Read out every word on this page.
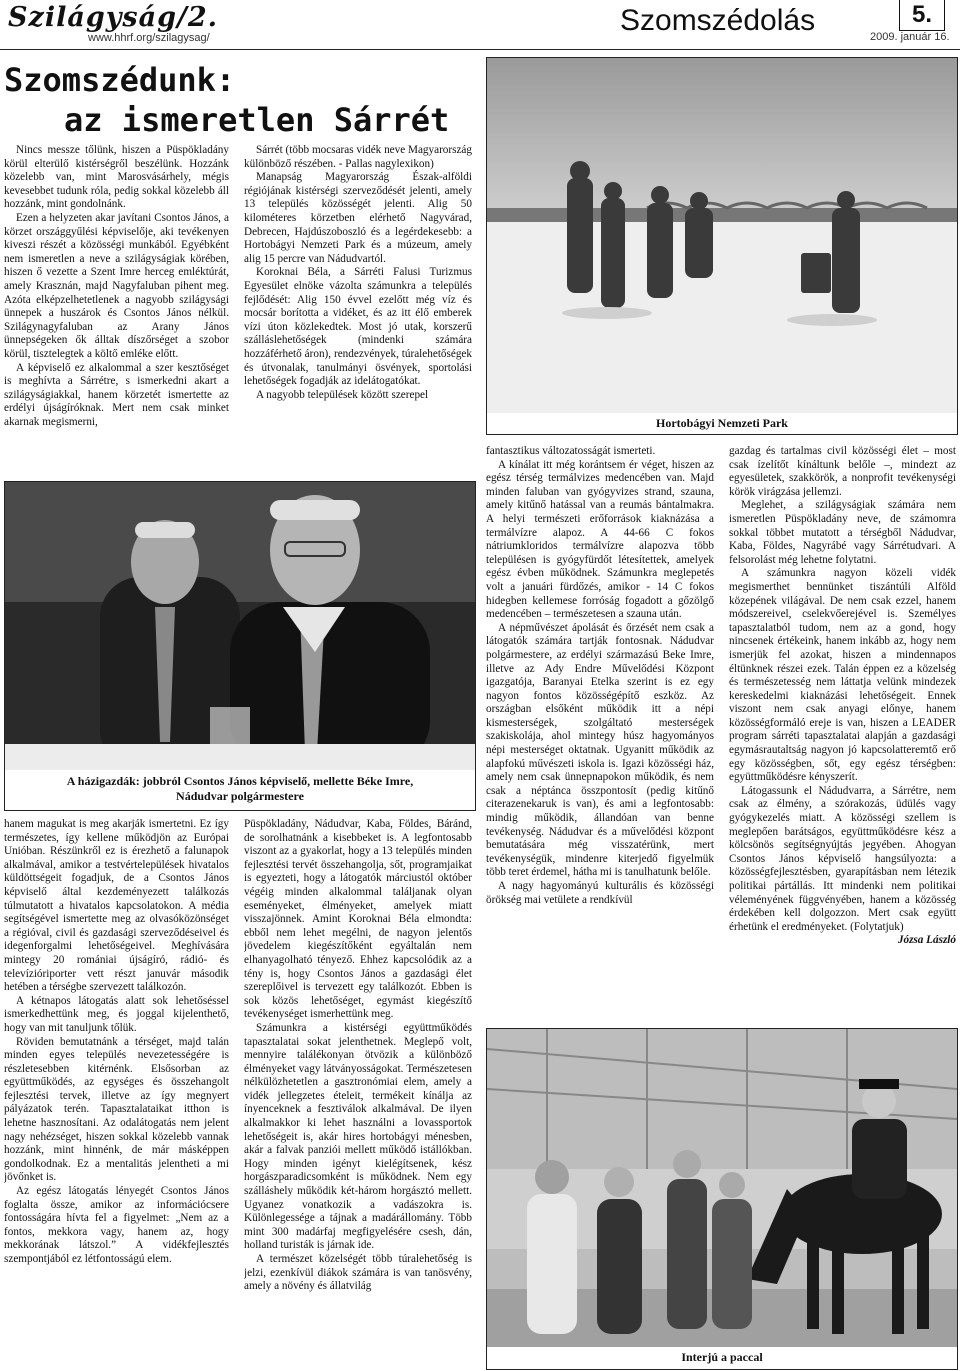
Szilágyság/2.
www.hhrf.org/szilagysag/
Szomszédolás	5.
2009. január 16.
Szomszédunk:
az ismeretlen Sárrét

Nincs messze tőlünk, hiszen a Püspökladány körül elterülő kistérségről beszélünk. Hozzánk közelebb van, mint Marosvásárhely, mégis kevesebbet tudunk róla, pedig sokkal közelebb áll hozzánk, mint gondolnánk.

Ezen a helyzeten akar javítani Csontos János, a körzet országgyűlési képviselője, aki tevékenyen kiveszi részét a közösségi munkából. Egyébként nem ismeretlen a neve a szilágyságiak körében, hiszen ő vezette a Szent Imre herceg emléktúrát, amely Krasznán, majd Nagyfaluban pihent meg. Azóta elképzelhetetlenek a nagyobb szilágysági ünnepek a huszárok és Csontos János nélkül. Szilágynagyfaluban az Arany János ünnepségeken ők álltak díszőrséget a szobor körül, tisztelegtek a költő emléke előtt.

A képviselő ez alkalommal a szer kesztőséget is meghívta a Sárrétre, s ismerkedni akart a szilágyságiakkal, hanem körzetét ismertette az erdélyi újságíróknak. Mert nem csak minket akarnak megismerni,

Sárrét (több mocsaras vidék neve Magyarország különböző részében. - Pallas nagylexikon)

Manapság Magyarország Észak-alföldi régiójának kistérségi szerveződését jelenti, amely 13 település közösségét jelenti. Alig 50 kilométeres körzetben elérhető Nagyvárad, Debrecen, Hajdúszoboszló és a legérdekesebb: a Hortobágyi Nemzeti Park és a múzeum, amely alig 15 percre van Nádudvartól.

Koroknai Béla, a Sárréti Falusi Turizmus Egyesület elnöke vázolta számunkra a település fejlődését: Alig 150 évvel ezelőtt még víz és mocsár borította a vidéket, és az itt élő emberek vízi úton közlekedtek. Most jó utak, korszerű szálláslehetőségek (mindenki számára hozzáférhető áron), rendezvények, túralehetőségek és útvonalak, tanulmányi ösvények, sportolási lehetőségek fogadják az idelátogatókat.

A nagyobb települések között szerepel

Hortobágyi Nemzeti Park
A házigazdák: jobbról Csontos János képviselő, mellette Béke Imre,
Nádudvar polgármestere

fantasztikus változatosságát ismerteti.

A kínálat itt még korántsem ér véget, hiszen az egész térség termálvizes medencében van. Majd minden faluban van gyógyvizes strand, szauna, amely kitűnő hatással van a reumás bántalmakra. A helyi természeti erőforrások kiaknázása a termálvízre alapoz. A 44-66 C fokos nátriumkloridos termálvízre alapozva több településen is gyógyfürdőt létesítettek, amelyek egész évben működnek. Számunkra meglepetés volt a januári fürdőzés, amikor - 14 C fokos hidegben kellemese forróság fogadott a gőzölgő medencében – természetesen a szauna után.

A népművészet ápolását és őrzését nem csak a látogatók számára tartják fontosnak. Nádudvar polgármestere, az erdélyi származású Beke Imre, illetve az Ady Endre Művelődési Központ igazgatója, Baranyai Etelka szerint is ez egy nagyon fontos közösségépítő eszköz. Az országban elsőként működik itt a népi kismesterségek, szolgáltató mesterségek szakiskolája, ahol mintegy húsz hagyományos népi mesterséget oktatnak. Ugyanitt működik az alapfokú művészeti iskola is. Igazi közösségi ház, amely nem csak ünnepnapokon működik, és nem csak a néptánca összpontosít (pedig kitűnő citerazenekaruk is van), és ami a legfontosabb: mindig működik, állandóan van benne tevékenység. Nádudvar és a művelődési központ bemutatására még visszatérünk, mert tevékenységük, mindenre kiterjedő figyelmük több teret érdemel, hátha mi is tanulhatunk belőle.

A nagy hagyományú kulturális és közösségi örökség mai vetülete a rendkívül

gazdag és tartalmas civil közösségi élet – most csak ízelítőt kínáltunk belőle –, mindezt az egyesületek, szakkörök, a nonprofit tevékenységi körök virágzása jellemzi.

Meglehet, a szilágyságiak számára nem ismeretlen Püspökladány neve, de számomra sokkal többet mutatott a térségből Nádudvar, Kaba, Földes, Nagyrábé vagy Sárrétudvari. A felsorolást még lehetne folytatni.

A számunkra nagyon közeli vidék megismerthet bennünket tiszántúli Alföld közepének világával. De nem csak ezzel, hanem módszereivel, cselekvőerejével is. Személyes tapasztalatból tudom, nem az a gond, hogy nincsenek értékeink, hanem inkább az, hogy nem ismerjük fel azokat, hiszen a mindennapos éltünknek részei ezek. Talán éppen ez a közelség és természetesség nem láttatja velünk mindezek kereskedelmi kiaknázási lehetőségeit. Ennek viszont nem csak anyagi előnye, hanem közösségformáló ereje is van, hiszen a LEADER program sárréti tapasztalatai alapján a gazdasági egymásrautaltság nagyon jó kapcsolatteremtő erő egy közösségben, sőt, egy egész térségben: együttműködésre kényszerít.

Látogassunk el Nádudvarra, a Sárrétre, nem csak az élmény, a szórakozás, üdülés vagy gyógykezelés miatt. A közösségi szellem is meglepően barátságos, együttműködésre kész a kölcsönös segítségnyújtás jegyében. Ahogyan Csontos János képviselő hangsúlyozta: a közösségfejlesztésben, gyarapításban nem létezik politikai pártállás. Itt mindenki nem politikai véleményének függvényében, hanem a közösség érdekében kell dolgozzon. Mert csak együtt érhetünk el eredményeket. (Folytatjuk)

Józsa László

hanem magukat is meg akarják ismertetni. Ez így természetes, így kellene működjön az Európai Unióban. Részünkről ez is érezhető a falunapok alkalmával, amikor a testvértelepülések hivatalos küldöttségeit fogadjuk, de a Csontos János képviselő által kezdeményezett találkozás túlmutatott a hivatalos kapcsolatokon. A média segítségével ismertette meg az olvasóközönséget a régióval, civil és gazdasági szerveződéseivel és idegenforgalmi lehetőségeivel. Meghívására mintegy 20 romániai újságíró, rádió- és televízióriporter vett részt januvár második hetében a térségbe szervezett találkozón.

A kétnapos látogatás alatt sok lehetőséssel ismerkedhettünk meg, és joggal kijelenthető, hogy van mit tanuljunk tőlük.

Röviden bemutatnánk a térséget, majd talán minden egyes település nevezetességére is részletesebben kitérnénk. Elsősorban az együttműködés, az egységes és összehangolt fejlesztési tervek, illetve az így megnyert pályázatok terén. Tapasztalataikat itthon is lehetne hasznosítani. Az odalátogatás nem jelent nagy nehézséget, hiszen sokkal közelebb vannak hozzánk, mint hinnénk, de már másképpen gondolkodnak. Ez a mentalitás jelentheti a mi jövőnket is.

Az egész látogatás lényegét Csontos János foglalta össze, amikor az információcsere fontosságára hívta fel a figyelmet: „Nem az a fontos, mekkora vagy, hanem az, hogy mekkorának látszol.” A vidékfejlesztés szempontjából ez létfontosságú elem.

Püspökladány, Nádudvar, Kaba, Földes, Báránd, de sorolhatnánk a kisebbeket is. A legfontosabb viszont az a gyakorlat, hogy a 13 település minden fejlesztési tervét összehangolja, sőt, programjaikat is egyezteti, hogy a látogatók márciustól október végéig minden alkalommal találjanak olyan eseményeket, élményeket, amelyek miatt visszajönnek. Amint Koroknai Béla elmondta: ebből nem lehet megélni, de nagyon jelentős jövedelem kiegészítőként egyáltalán nem elhanyagolható tényező. Ehhez kapcsolódik az a tény is, hogy Csontos János a gazdasági élet szereplőivel is tervezett egy találkozót. Ebben is sok közös lehetőséget, egymást kiegészítő tevékenységet ismerhettünk meg.

Számunkra a kistérségi együttműködés tapasztalatai sokat jelenthetnek. Meglepő volt, mennyire találékonyan ötvözik a különböző élményeket vagy látványosságokat. Természetesen nélkülözhetetlen a gasztronómiai elem, amely a vidék jellegzetes ételeit, termékeit kínálja az ínyenceknek a fesztiválok alkalmával. De ilyen alkalmakkor ki lehet használni a lovassportok lehetőségeit is, akár hires hortobágyi ménesben, akár a falvak panziói mellett működő istállókban. Hogy minden igényt kielégítsenek, kész horgászparadicsomként is működnek. Nem egy szálláshely működik két-három horgásztó mellett. Ugyanez vonatkozik a vadászokra is. Különlegessége a tájnak a madárállomány. Több mint 300 madárfaj megfigyelésére csesh, dán, holland turisták is járnak ide.

A természet közelségét több túralehetőség is jelzi, ezenkívül diákok számára is van tanösvény, amely a növény és állatvilág

Interjú a paccal
